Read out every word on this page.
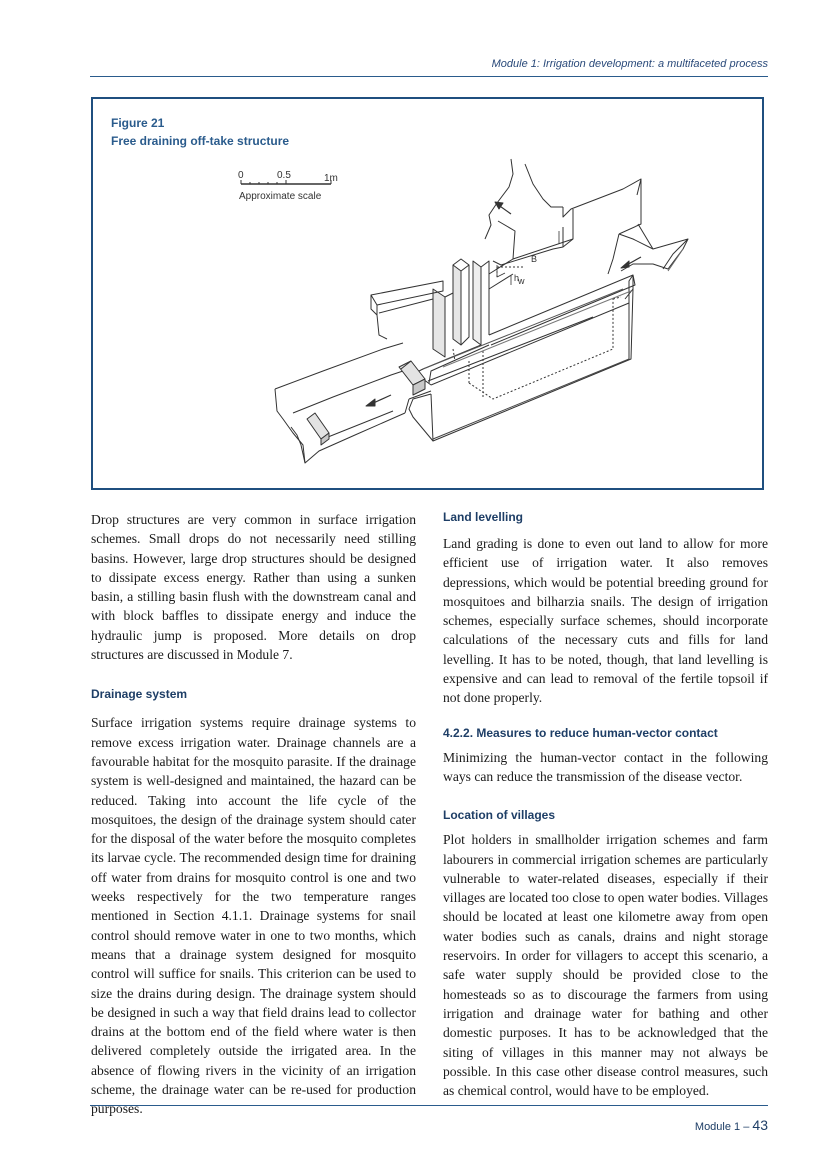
Module 1: Irrigation development: a multifaceted process
Figure 21
Free draining off-take structure
0	0.5	1m
Approximate scale
B
h
w

Drop structures are very common in surface irrigation schemes. Small drops do not necessarily need stilling basins. However, large drop structures should be designed to dissipate excess energy. Rather than using a sunken basin, a stilling basin flush with the downstream canal and with block baffles to dissipate energy and induce the hydraulic jump is proposed. More details on drop structures are discussed in Module 7.

Drainage system

Surface irrigation systems require drainage systems to remove excess irrigation water. Drainage channels are a favourable habitat for the mosquito parasite. If the drainage system is well-designed and maintained, the hazard can be reduced. Taking into account the life cycle of the mosquitoes, the design of the drainage system should cater for the disposal of the water before the mosquito completes its larvae cycle. The recommended design time for draining off water from drains for mosquito control is one and two weeks respectively for the two temperature ranges mentioned in Section 4.1.1. Drainage systems for snail control should remove water in one to two months, which means that a drainage system designed for mosquito control will suffice for snails. This criterion can be used to size the drains during design. The drainage system should be designed in such a way that field drains lead to collector drains at the bottom end of the field where water is then delivered completely outside the irrigated area. In the absence of flowing rivers in the vicinity of an irrigation scheme, the drainage water can be re-used for production purposes.

Land levelling

Land grading is done to even out land to allow for more efficient use of irrigation water. It also removes depressions, which would be potential breeding ground for mosquitoes and bilharzia snails. The design of irrigation schemes, especially surface schemes, should incorporate calculations of the necessary cuts and fills for land levelling. It has to be noted, though, that land levelling is expensive and can lead to removal of the fertile topsoil if not done properly.

4.2.2. Measures to reduce human-vector contact

Minimizing the human-vector contact in the following ways can reduce the transmission of the disease vector.

Location of villages

Plot holders in smallholder irrigation schemes and farm labourers in commercial irrigation schemes are particularly vulnerable to water-related diseases, especially if their villages are located too close to open water bodies. Villages should be located at least one kilometre away from open water bodies such as canals, drains and night storage reservoirs. In order for villagers to accept this scenario, a safe water supply should be provided close to the homesteads so as to discourage the farmers from using irrigation and drainage water for bathing and other domestic purposes. It has to be acknowledged that the siting of villages in this manner may not always be possible. In this case other disease control measures, such as chemical control, would have to be employed.

Module 1 – 43
